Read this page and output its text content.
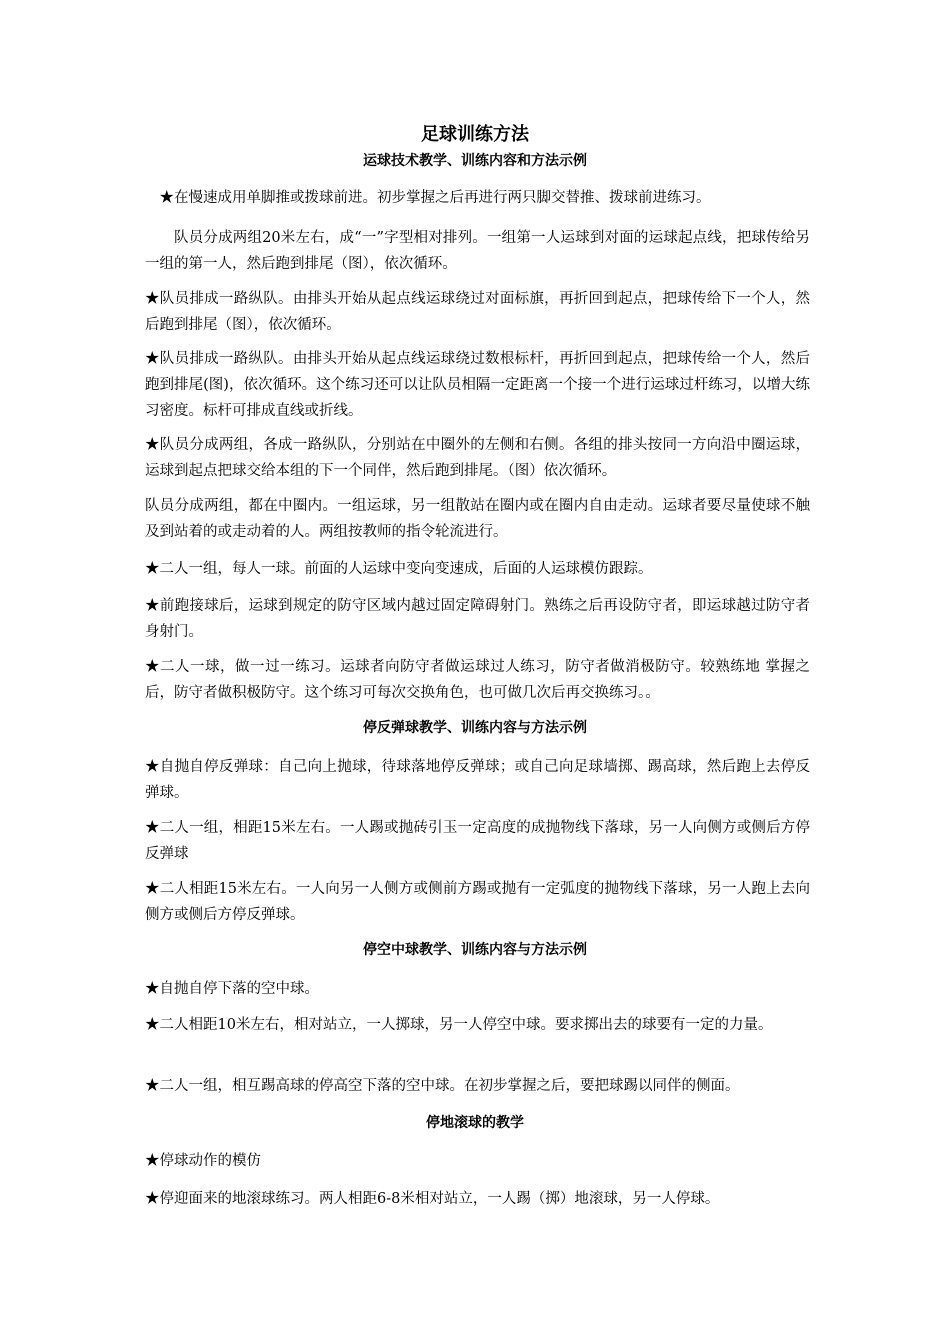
足球训练方法
运球技术教学、训练内容和方法示例
★在慢速成用单脚推或拨球前进。初步掌握之后再进行两只脚交替推、拨球前进练习。
队员分成两组20米左右，成“一”字型相对排列。一组第一人运球到对面的运球起点线，把球传给另一组的第一人，然后跑到排尾（图），依次循环。
★队员排成一路纵队。由排头开始从起点线运球绕过对面标旗，再折回到起点，把球传给下一个人，然后跑到排尾（图），依次循环。
★队员排成一路纵队。由排头开始从起点线运球绕过数根标杆，再折回到起点，把球传给一个人，然后跑到排尾(图)，依次循环。这个练习还可以让队员相隔一定距离一个接一个进行运球过杆练习，以增大练习密度。标杆可排成直线或折线。
★队员分成两组，各成一路纵队，分别站在中圈外的左侧和右侧。各组的排头按同一方向沿中圈运球，运球到起点把球交给本组的下一个同伴，然后跑到排尾。（图）依次循环。
队员分成两组，都在中圈内。一组运球，另一组散站在圈内或在圈内自由走动。运球者要尽量使球不触及到站着的或走动着的人。两组按教师的指令轮流进行。
★二人一组，每人一球。前面的人运球中变向变速成，后面的人运球模仿跟踪。
★前跑接球后，运球到规定的防守区域内越过固定障碍射门。熟练之后再设防守者，即运球越过防守者身射门。
★二人一球，做一过一练习。运球者向防守者做运球过人练习，防守者做消极防守。较熟练地 掌握之后，防守者做积极防守。这个练习可每次交换角色，也可做几次后再交换练习。。
停反弹球教学、训练内容与方法示例
★自抛自停反弹球：自己向上抛球，待球落地停反弹球；或自己向足球墙掷、踢高球，然后跑上去停反弹球。
★二人一组，相距15米左右。一人踢或抛砖引玉一定高度的成抛物线下落球，另一人向侧方或侧后方停反弹球
★二人相距15米左右。一人向另一人侧方或侧前方踢或抛有一定弧度的抛物线下落球，另一人跑上去向侧方或侧后方停反弹球。
停空中球教学、训练内容与方法示例
★自抛自停下落的空中球。
★二人相距10米左右，相对站立，一人掷球，另一人停空中球。要求掷出去的球要有一定的力量。
★二人一组，相互踢高球的停高空下落的空中球。在初步掌握之后，要把球踢以同伴的侧面。
停地滚球的教学
★停球动作的模仿
★停迎面来的地滚球练习。两人相距6-8米相对站立，一人踢（掷）地滚球，另一人停球。
